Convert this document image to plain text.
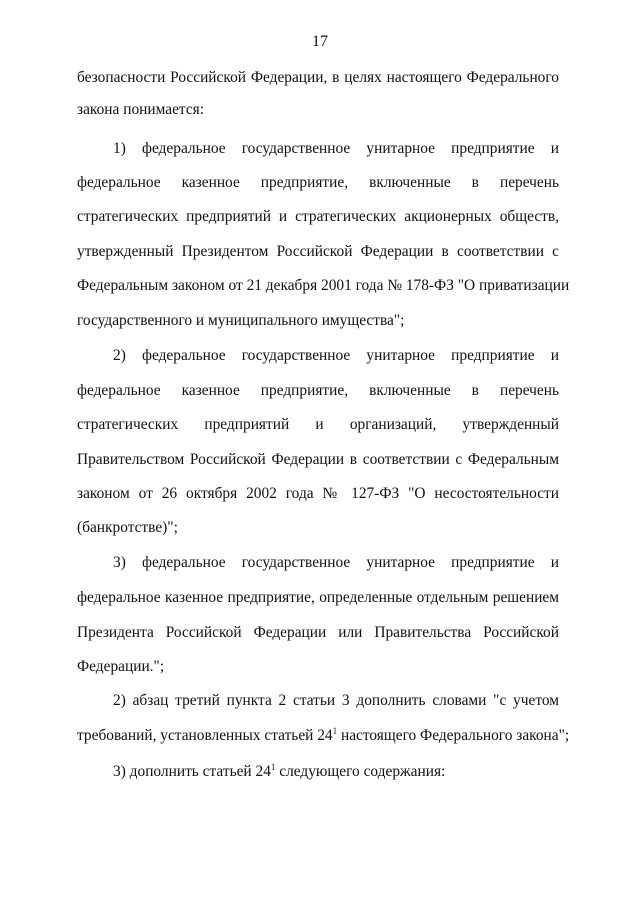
17
безопасности Российской Федерации, в целях настоящего Федерального
закона понимается:
1) федеральное государственное унитарное предприятие и
федеральное казенное предприятие, включенные в перечень
стратегических предприятий и стратегических акционерных обществ,
утвержденный Президентом Российской Федерации в соответствии с
Федеральным законом от 21 декабря 2001 года № 178-ФЗ "О приватизации
государственного и муниципального имущества";
2) федеральное государственное унитарное предприятие и
федеральное казенное предприятие, включенные в перечень
стратегических предприятий и организаций, утвержденный
Правительством Российской Федерации в соответствии с Федеральным
законом от 26 октября 2002 года № 127-ФЗ "О несостоятельности
(банкротстве)";
3) федеральное государственное унитарное предприятие и
федеральное казенное предприятие, определенные отдельным решением
Президента Российской Федерации или Правительства Российской
Федерации.";
2) абзац третий пункта 2 статьи 3 дополнить словами "с учетом
требований, установленных статьей $24^1$ настоящего Федерального закона";
3) дополнить статьей $24^1$ следующего содержания:
